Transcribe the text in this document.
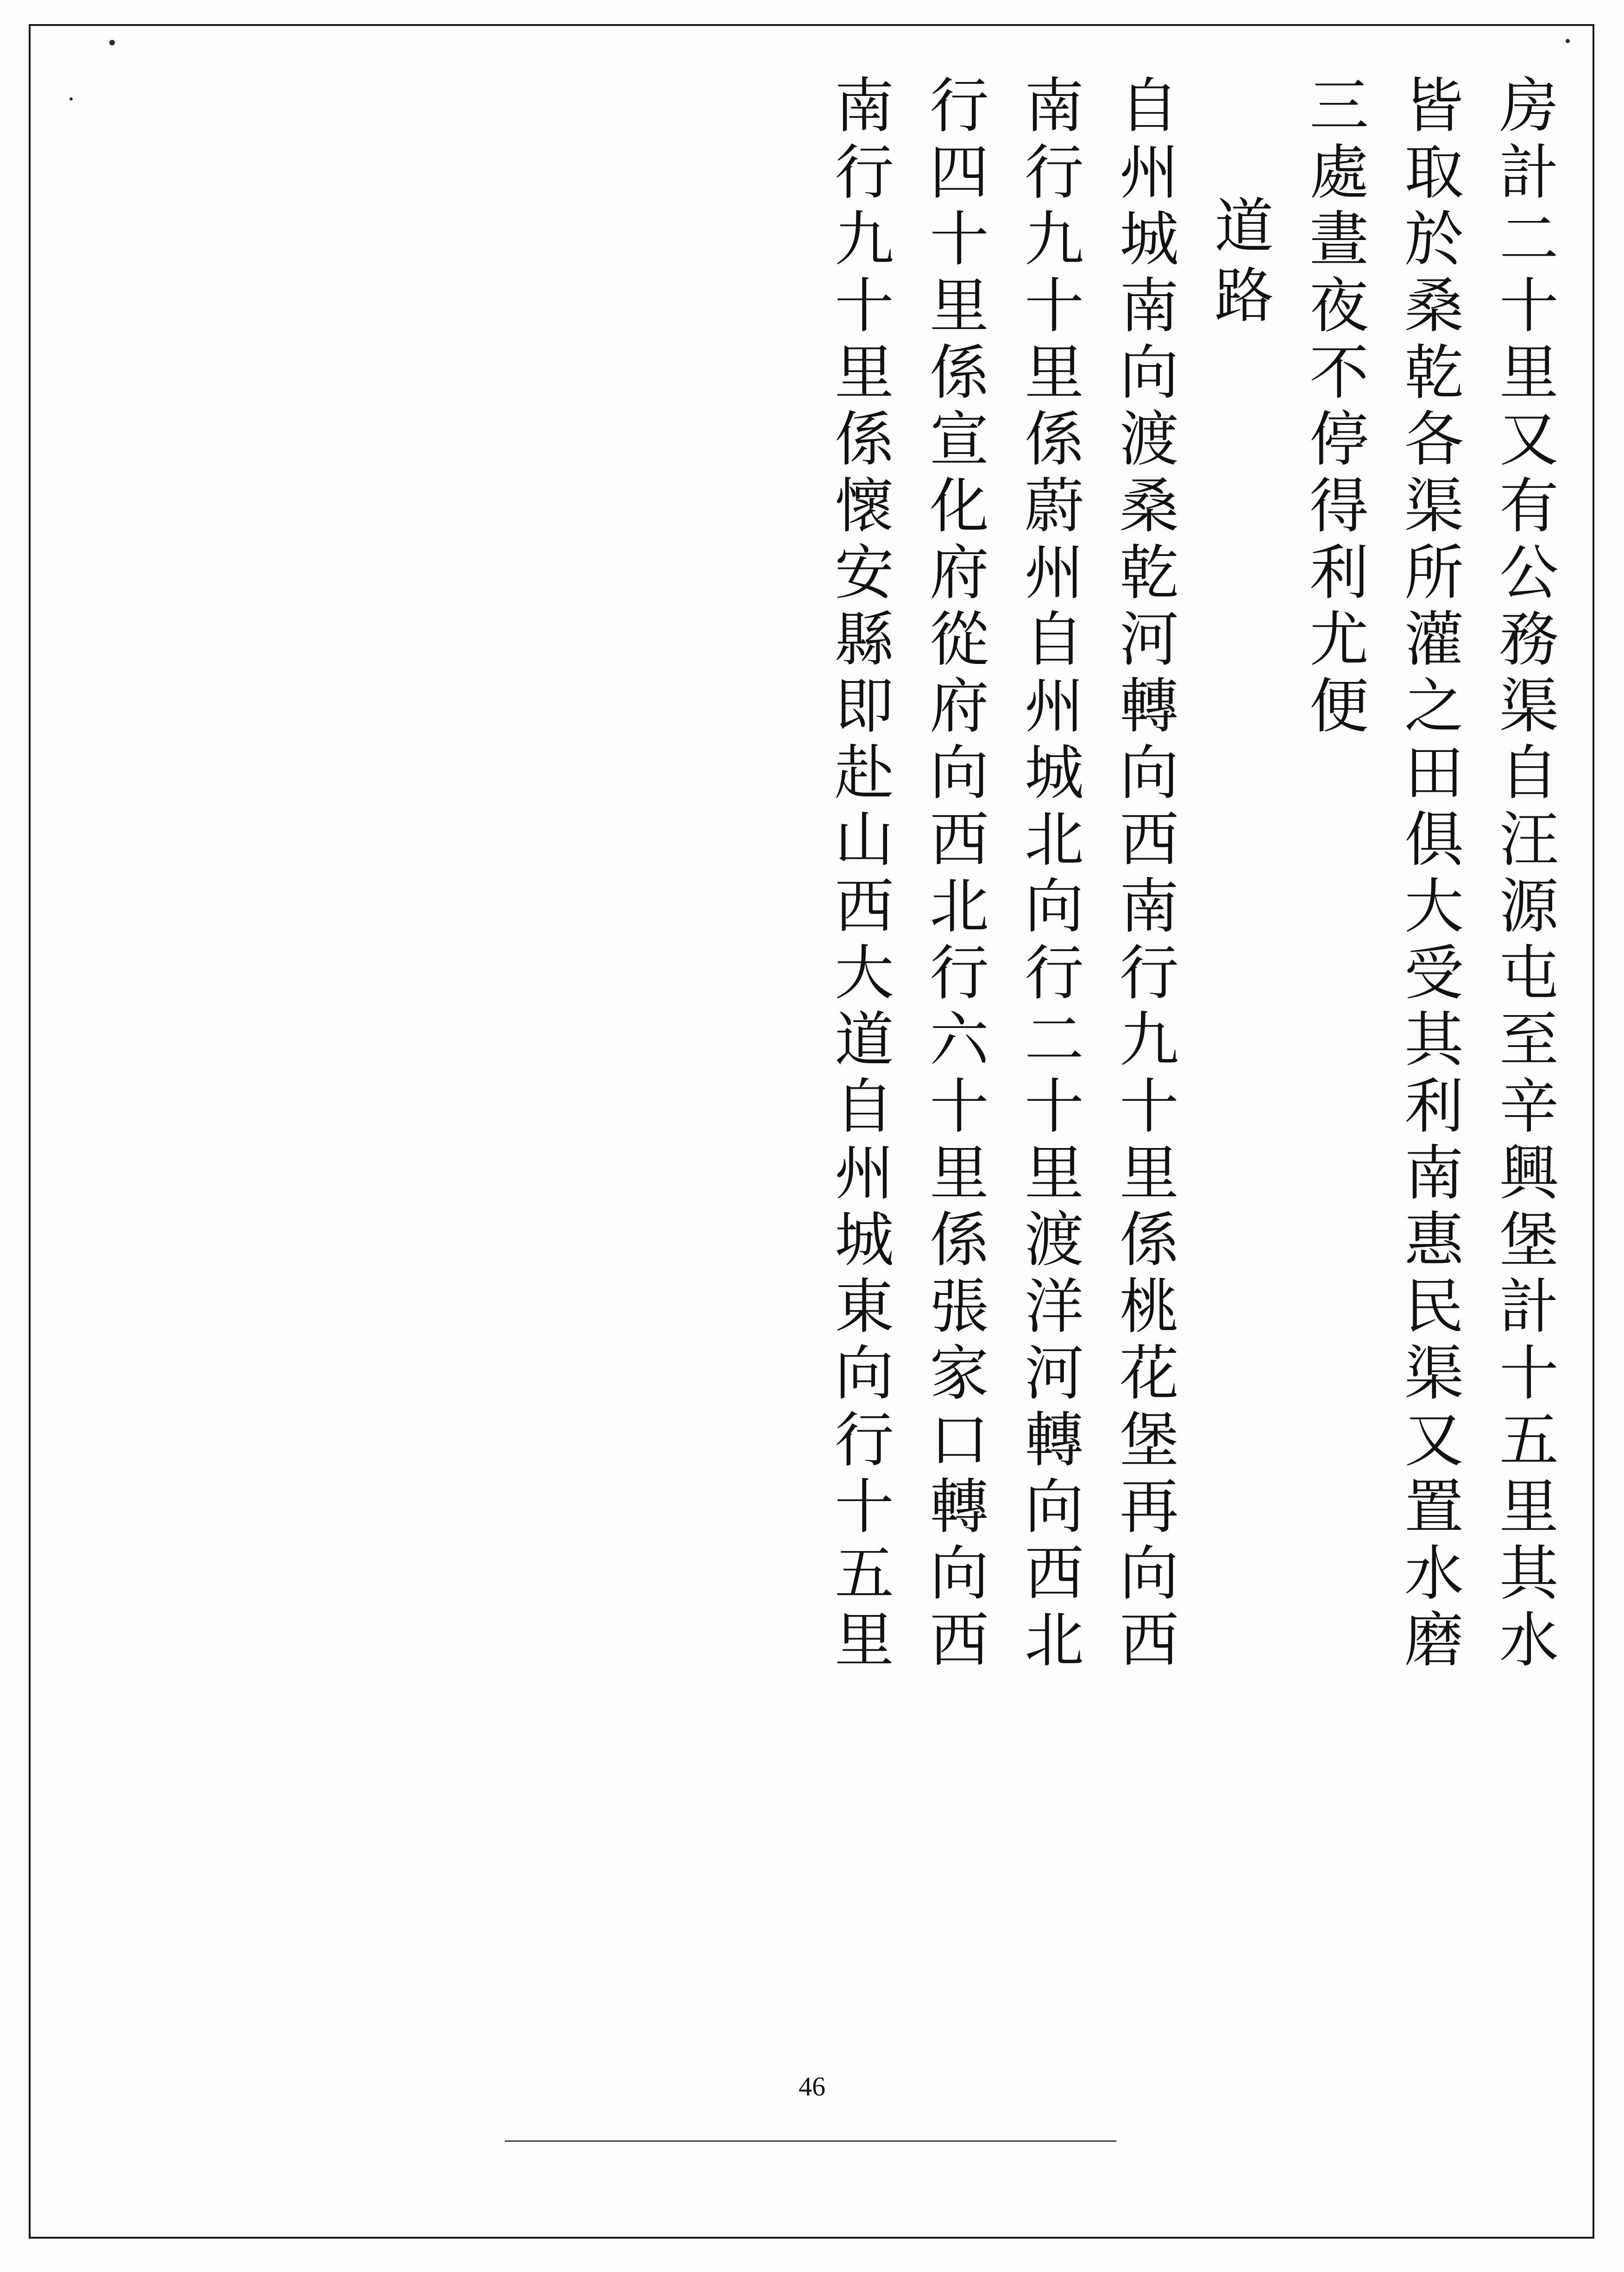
房計二十里又有公務渠自汪源屯至辛興堡計十五里其水
皆取於桑乾各渠所灌之田俱大受其利南惠民渠又置水磨
三處晝夜不停得利尤便
道路
自州城南向渡桑乾河轉向西南行九十里係桃花堡再向西
南行九十里係蔚州自州城北向行二十里渡洋河轉向西北
行四十里係宣化府從府向西北行六十里係張家口轉向西
南行九十里係懷安縣即赴山西大道自州城東向行十五里
46
